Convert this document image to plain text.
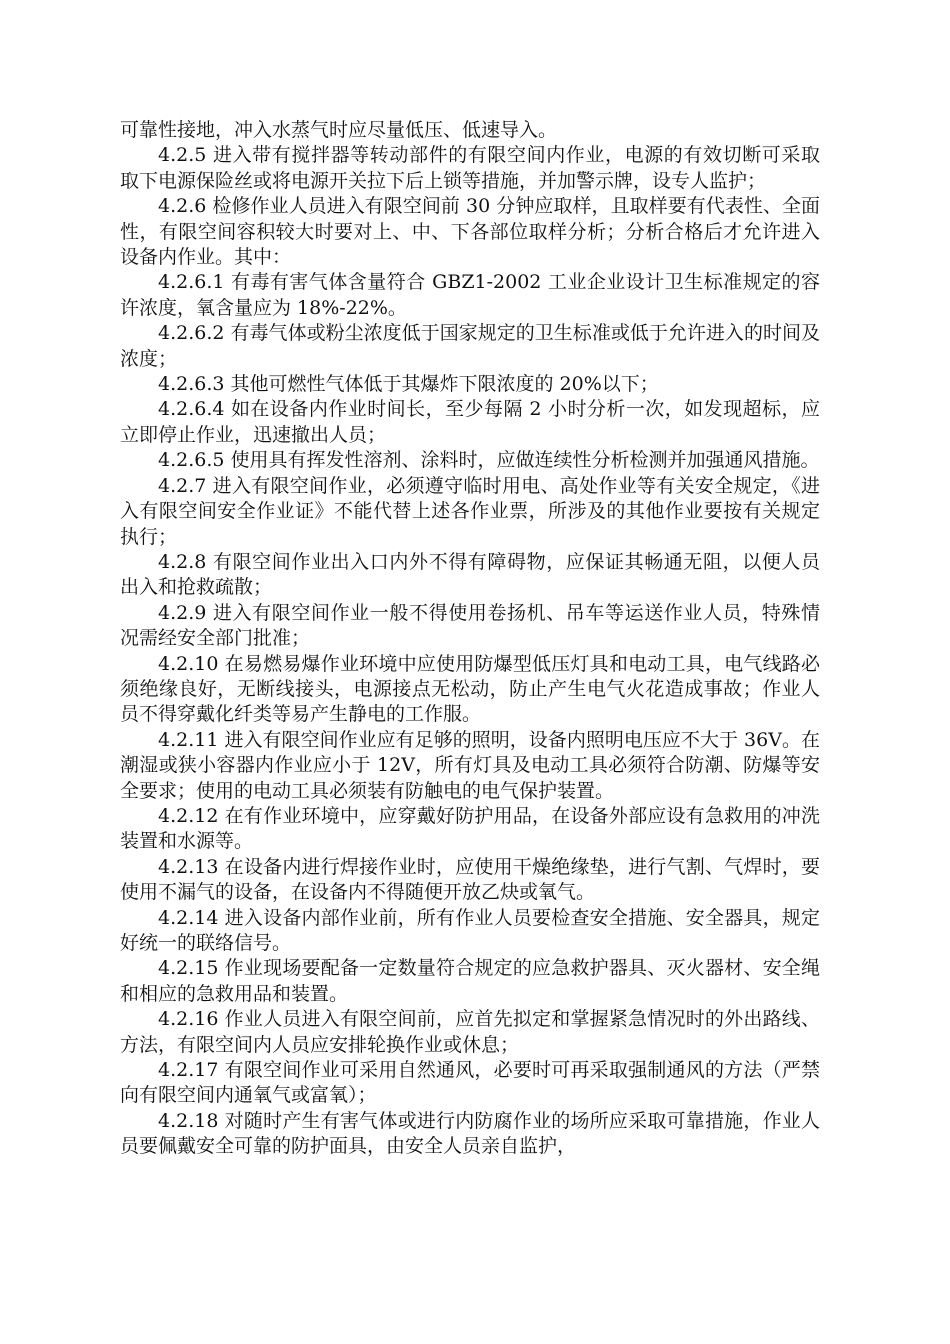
可靠性接地，冲入水蒸气时应尽量低压、低速导入。

4.2.5 进入带有搅拌器等转动部件的有限空间内作业，电源的有效切断可采取取下电源保险丝或将电源开关拉下后上锁等措施，并加警示牌，设专人监护；

4.2.6 检修作业人员进入有限空间前 30 分钟应取样，且取样要有代表性、全面性，有限空间容积较大时要对上、中、下各部位取样分析；分析合格后才允许进入设备内作业。其中：

4.2.6.1 有毒有害气体含量符合 GBZ1-2002 工业企业设计卫生标准规定的容许浓度，氧含量应为 18%-22%。

4.2.6.2 有毒气体或粉尘浓度低于国家规定的卫生标准或低于允许进入的时间及浓度；

4.2.6.3 其他可燃性气体低于其爆炸下限浓度的 20%以下；

4.2.6.4 如在设备内作业时间长，至少每隔 2 小时分析一次，如发现超标，应立即停止作业，迅速撤出人员；

4.2.6.5 使用具有挥发性溶剂、涂料时，应做连续性分析检测并加强通风措施。

4.2.7 进入有限空间作业，必须遵守临时用电、高处作业等有关安全规定，《进入有限空间安全作业证》不能代替上述各作业票，所涉及的其他作业要按有关规定执行；

4.2.8 有限空间作业出入口内外不得有障碍物，应保证其畅通无阻，以便人员出入和抢救疏散；

4.2.9 进入有限空间作业一般不得使用卷扬机、吊车等运送作业人员，特殊情况需经安全部门批准；

4.2.10 在易燃易爆作业环境中应使用防爆型低压灯具和电动工具，电气线路必须绝缘良好，无断线接头，电源接点无松动，防止产生电气火花造成事故；作业人员不得穿戴化纤类等易产生静电的工作服。

4.2.11 进入有限空间作业应有足够的照明，设备内照明电压应不大于 36V。在潮湿或狭小容器内作业应小于 12V，所有灯具及电动工具必须符合防潮、防爆等安全要求；使用的电动工具必须装有防触电的电气保护装置。

4.2.12 在有作业环境中，应穿戴好防护用品，在设备外部应设有急救用的冲洗装置和水源等。

4.2.13 在设备内进行焊接作业时，应使用干燥绝缘垫，进行气割、气焊时，要使用不漏气的设备，在设备内不得随便开放乙炔或氧气。

4.2.14 进入设备内部作业前，所有作业人员要检查安全措施、安全器具，规定好统一的联络信号。

4.2.15 作业现场要配备一定数量符合规定的应急救护器具、灭火器材、安全绳和相应的急救用品和装置。

4.2.16 作业人员进入有限空间前，应首先拟定和掌握紧急情况时的外出路线、方法，有限空间内人员应安排轮换作业或休息；

4.2.17 有限空间作业可采用自然通风，必要时可再采取强制通风的方法（严禁向有限空间内通氧气或富氧）；

4.2.18 对随时产生有害气体或进行内防腐作业的场所应采取可靠措施，作业人员要佩戴安全可靠的防护面具，由安全人员亲自监护，
